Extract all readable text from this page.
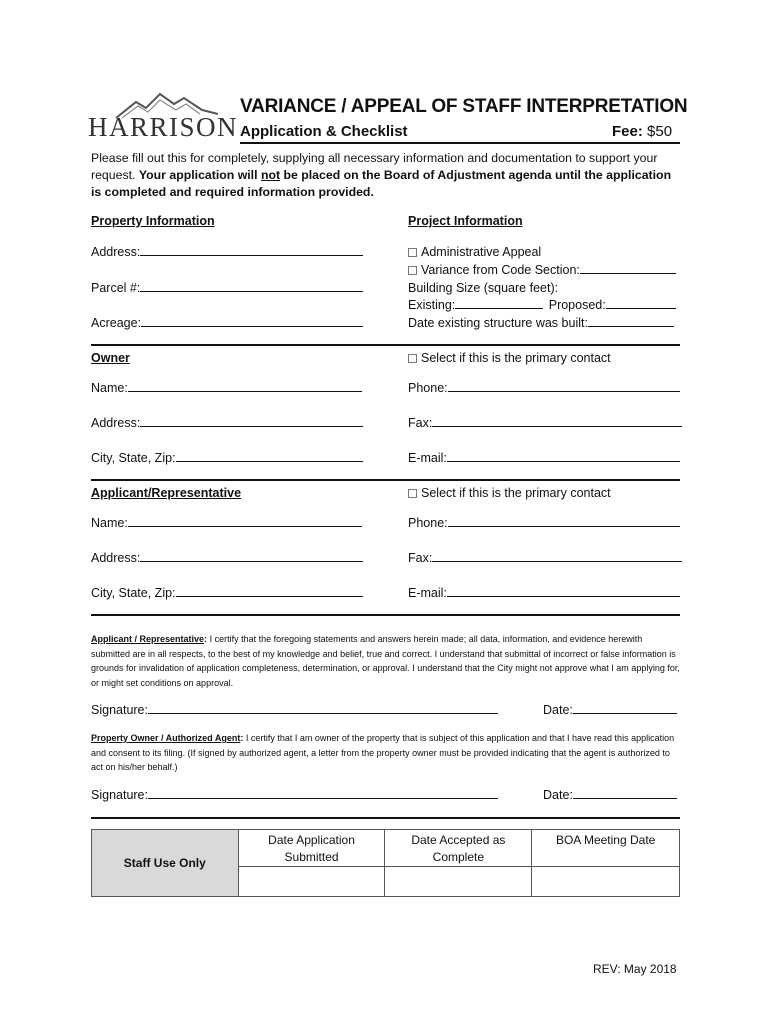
HARRISON
VARIANCE / APPEAL OF STAFF INTERPRETATION
Application & Checklist	Fee: $50
Please fill out this for completely, supplying all necessary information and documentation to support your request. Your application will not be placed on the Board of Adjustment agenda until the application is completed and required information provided.
Property Information
Address:
Parcel #:
Acreage:
Project Information
Administrative Appeal
Variance from Code Section:
Building Size (square feet):
Existing:	Proposed:
Date existing structure was built:
Owner	Select if this is the primary contact
Name:	Phone:
Address:	Fax:
City, State, Zip:	E-mail:
Applicant/Representative	Select if this is the primary contact
Name:	Phone:
Address:	Fax:
City, State, Zip:	E-mail:
Applicant / Representative: I certify that the foregoing statements and answers herein made; all data, information, and evidence herewith submitted are in all respects, to the best of my knowledge and belief, true and correct. I understand that submittal of incorrect or false information is grounds for invalidation of application completeness, determination, or approval. I understand that the City might not approve what I am applying for, or might set conditions on approval.
Signature:	Date:
Property Owner / Authorized Agent: I certify that I am owner of the property that is subject of this application and that I have read this application and consent to its filing. (If signed by authorized agent, a letter from the property owner must be provided indicating that the agent is authorized to act on his/her behalf.)
Signature:	Date:
Staff Use Only	Date Application Submitted	Date Accepted as Complete	BOA Meeting Date

REV: May 2018
